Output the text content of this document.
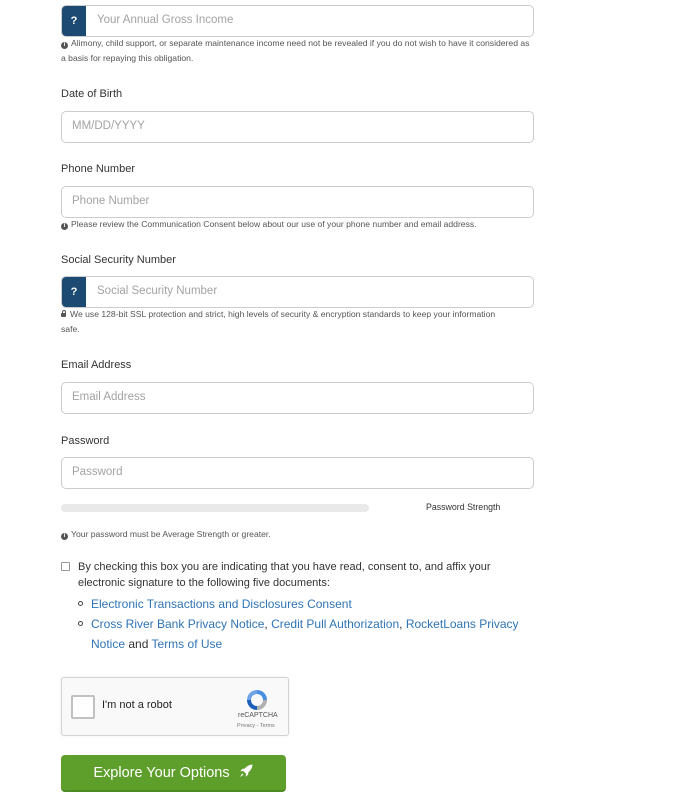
?	Your Annual Gross Income
i Alimony, child support, or separate maintenance income need not be revealed if you do not wish to have it considered as a basis for repaying this obligation.
Date of Birth
MM/DD/YYYY
Phone Number
Phone Number
i Please review the Communication Consent below about our use of your phone number and email address.
Social Security Number
?	Social Security Number
We use 128-bit SSL protection and strict, high levels of security & encryption standards to keep your information safe.
Email Address
Email Address
Password
Password
Password Strength
i Your password must be Average Strength or greater.
By checking this box you are indicating that you have read, consent to, and affix your electronic signature to the following five documents:
Electronic Transactions and Disclosures Consent
Cross River Bank Privacy Notice, Credit Pull Authorization, RocketLoans Privacy Notice and Terms of Use
I'm not a robot
reCAPTCHA
Privacy - Terms
Explore Your Options
